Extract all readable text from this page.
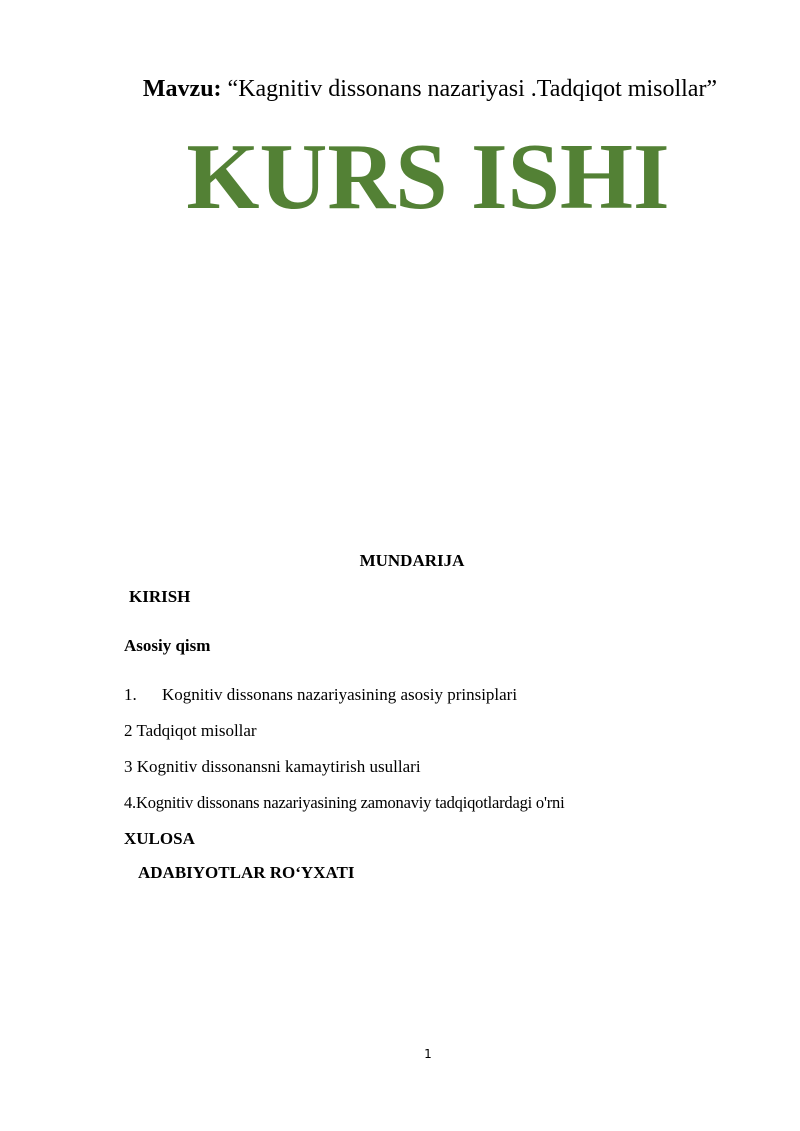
Mavzu: “Kagnitiv dissonans nazariyasi .Tadqiqot misollar”
KURS ISHI
MUNDARIJA
KIRISH
Asosiy qism
1. Kognitiv dissonans nazariyasining asosiy prinsiplari
2 Tadqiqot misollar
3 Kognitiv dissonansni kamaytirish usullari
4.Kognitiv dissonans nazariyasining zamonaviy tadqiqotlardagi o'rni
XULOSA
ADABIYOTLAR RO‘YXATI
1
